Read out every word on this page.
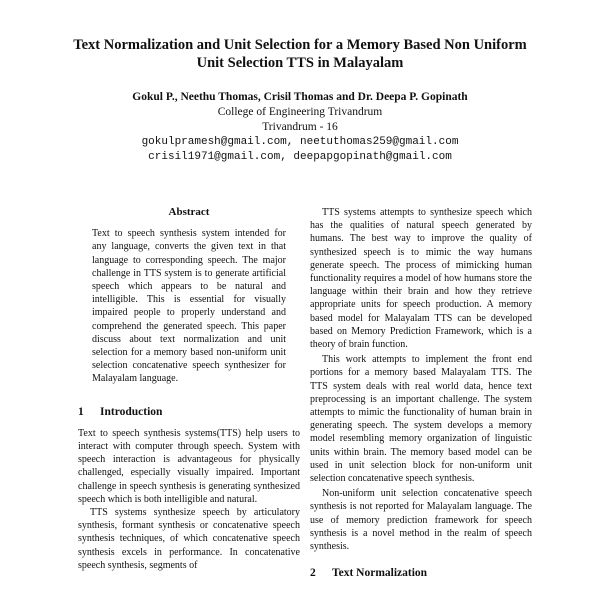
Text Normalization and Unit Selection for a Memory Based Non Uniform
Unit Selection TTS in Malayalam
Gokul P., Neethu Thomas, Crisil Thomas and Dr. Deepa P. Gopinath
College of Engineering Trivandrum
Trivandrum - 16
gokulpramesh@gmail.com, neetuthomas259@gmail.com
crisil1971@gmail.com, deepapgopinath@gmail.com
Abstract

Text to speech synthesis system intended for any language, converts the given text in that language to corresponding speech. The major challenge in TTS system is to generate artificial speech which appears to be natural and intelligible. This is essential for visually impaired people to properly understand and comprehend the generated speech. This paper discuss about text normalization and unit selection for a memory based non-uniform unit selection concatenative speech synthesizer for Malayalam language.

1 Introduction

Text to speech synthesis systems(TTS) help users to interact with computer through speech. System with speech interaction is advantageous for physically challenged, especially visually impaired. Important challenge in speech synthesis is generating synthesized speech which is both intelligible and natural.

TTS systems synthesize speech by articulatory synthesis, formant synthesis or concatenative speech synthesis techniques, of which concatenative speech synthesis excels in performance. In concatenative speech synthesis, segments of

TTS systems attempts to synthesize speech which has the qualities of natural speech generated by humans. The best way to improve the quality of synthesized speech is to mimic the way humans generate speech. The process of mimicking human functionality requires a model of how humans store the language within their brain and how they retrieve appropriate units for speech production. A memory based model for Malayalam TTS can be developed based on Memory Prediction Framework, which is a theory of brain function.

This work attempts to implement the front end portions for a memory based Malayalam TTS. The TTS system deals with real world data, hence text preprocessing is an important challenge. The system attempts to mimic the functionality of human brain in generating speech. The system develops a memory model resembling memory organization of linguistic units within brain. The memory based model can be used in unit selection block for non-uniform unit selection concatenative speech synthesis.

Non-uniform unit selection concatenative speech synthesis is not reported for Malayalam language. The use of memory prediction framework for speech synthesis is a novel method in the realm of speech synthesis.

2 Text Normalization
